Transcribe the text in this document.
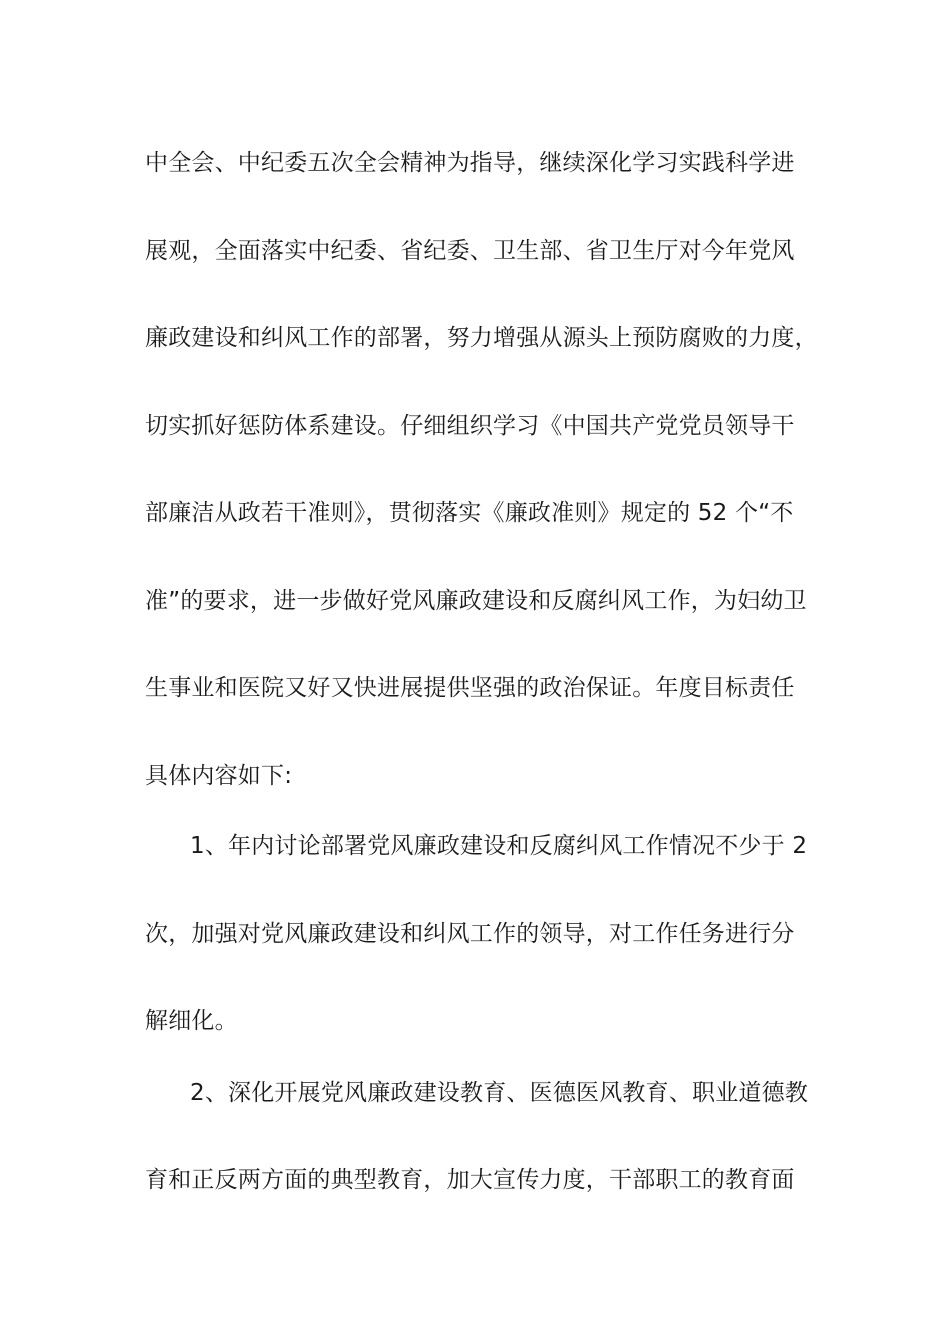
中全会、中纪委五次全会精神为指导，继续深化学习实践科学进
展观，全面落实中纪委、省纪委、卫生部、省卫生厅对今年党风
廉政建设和纠风工作的部署，努力增强从源头上预防腐败的力度，
切实抓好惩防体系建设。仔细组织学习《中国共产党党员领导干
部廉洁从政若干准则》，贯彻落实《廉政准则》规定的 52 个“不
准”的要求，进一步做好党风廉政建设和反腐纠风工作，为妇幼卫
生事业和医院又好又快进展提供坚强的政治保证。年度目标责任
具体内容如下:
1、年内讨论部署党风廉政建设和反腐纠风工作情况不少于 2
次，加强对党风廉政建设和纠风工作的领导，对工作任务进行分
解细化。
2、深化开展党风廉政建设教育、医德医风教育、职业道德教
育和正反两方面的典型教育，加大宣传力度，干部职工的教育面
